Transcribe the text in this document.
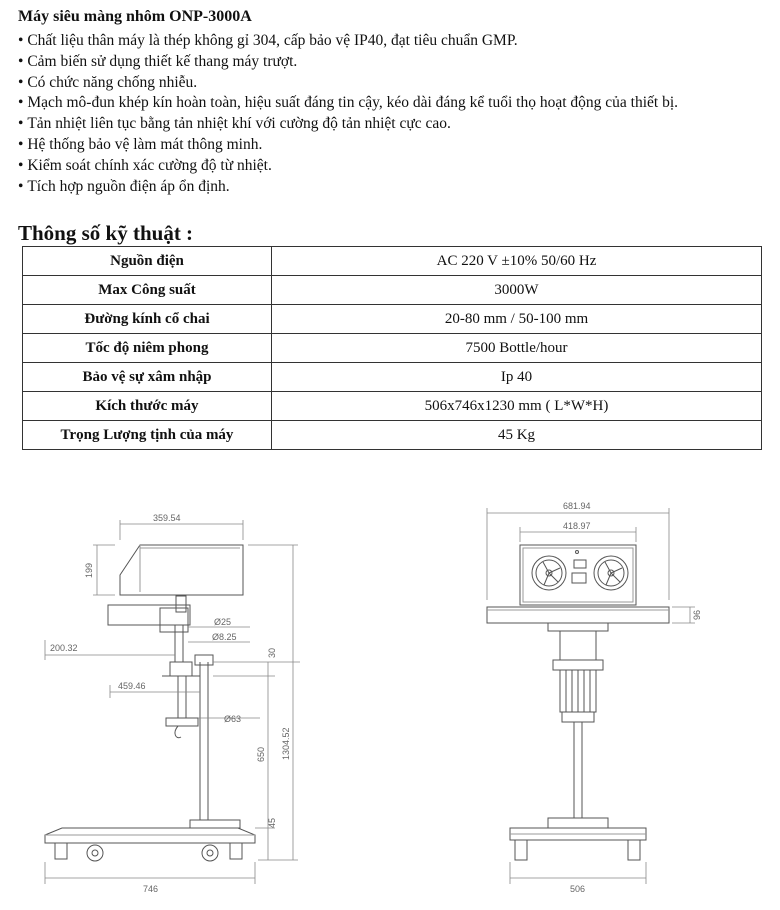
Máy siêu màng nhôm ONP-3000A
• Chất liệu thân máy là thép không gỉ 304, cấp bảo vệ IP40, đạt tiêu chuẩn GMP.
• Cảm biến sử dụng thiết kế thang máy trượt.
• Có chức năng chống nhiễu.
• Mạch mô-đun khép kín hoàn toàn, hiệu suất đáng tin cậy, kéo dài đáng kể tuổi thọ hoạt động của thiết bị.
• Tản nhiệt liên tục bằng tản nhiệt khí với cường độ tản nhiệt cực cao.
• Hệ thống bảo vệ làm mát thông minh.
• Kiểm soát chính xác cường độ từ nhiệt.
• Tích hợp nguồn điện áp ổn định.
Thông số kỹ thuật :
Nguồn điện	AC 220 V ±10% 50/60 Hz
Max Công suất	3000W
Đường kính cổ chai	20-80 mm / 50-100 mm
Tốc độ niêm phong	7500 Bottle/hour
Bảo vệ sự xâm nhập	Ip 40
Kích thước máy	506x746x1230 mm ( L*W*H)
Trọng Lượng tịnh của máy	45 Kg
359.54
199
200.32
Ø25
Ø8.25
459.46
30
Ø63
1304.52
650
45
746
681.94
418.97
96
506
